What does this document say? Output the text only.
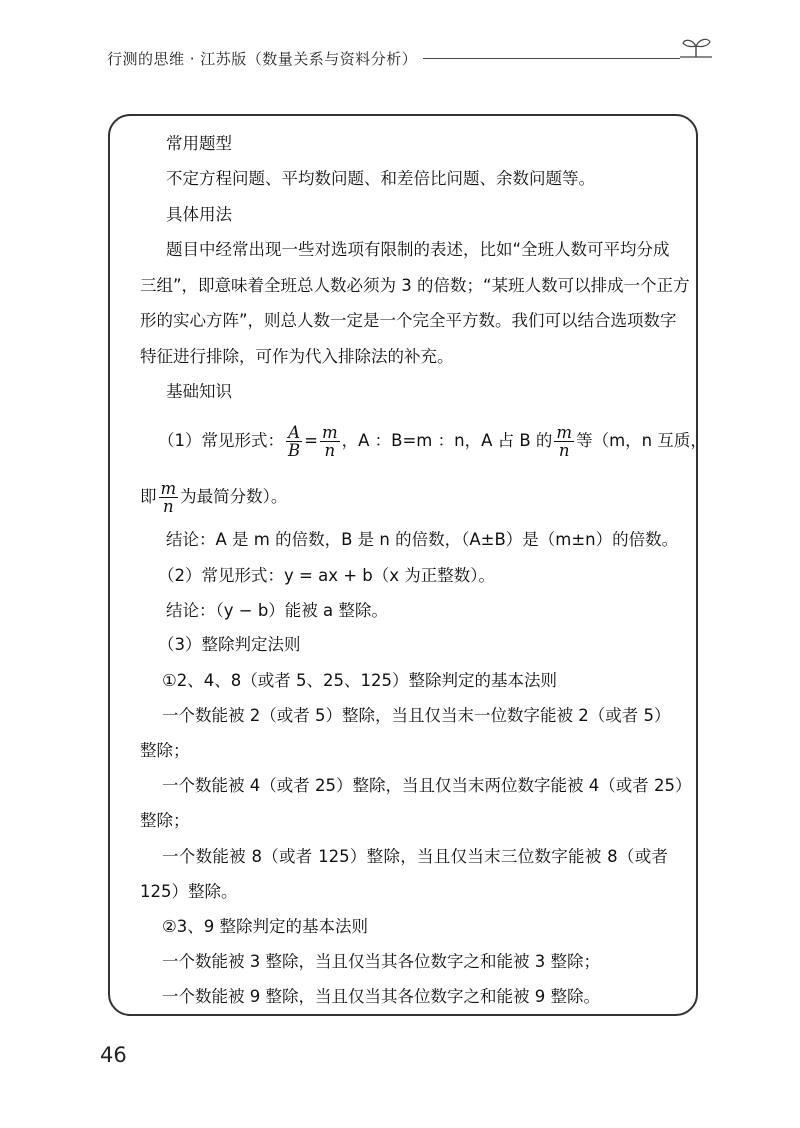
行测的思维 · 江苏版（数量关系与资料分析）
常用题型
不定方程问题、平均数问题、和差倍比问题、余数问题等。
具体用法
题目中经常出现一些对选项有限制的表述，比如“全班人数可平均分成
三组”，即意味着全班总人数必须为 3 的倍数；“某班人数可以排成一个正方
形的实心方阵”，则总人数一定是一个完全平方数。我们可以结合选项数字
特征进行排除，可作为代入排除法的补充。
基础知识
（1）常见形式： $\frac{A}{B} = \frac{m}{n}$ ，A ：B=m ：n，A 占 B 的 $\frac{m}{n}$ 等（m，n 互质，
即 $\frac{m}{n}$ 为最简分数）。
结论：A 是 m 的倍数，B 是 n 的倍数，（A±B）是（m±n）的倍数。
（2）常见形式：y = ax + b（x 为正整数）。
结论：（y − b）能被 a 整除。
（3）整除判定法则
①2、4、8（或者 5、25、125）整除判定的基本法则
一个数能被 2（或者 5）整除，当且仅当末一位数字能被 2（或者 5）
整除；
一个数能被 4（或者 25）整除，当且仅当末两位数字能被 4（或者 25）
整除；
一个数能被 8（或者 125）整除，当且仅当末三位数字能被 8（或者
125）整除。
②3、9 整除判定的基本法则
一个数能被 3 整除，当且仅当其各位数字之和能被 3 整除；
一个数能被 9 整除，当且仅当其各位数字之和能被 9 整除。
46
